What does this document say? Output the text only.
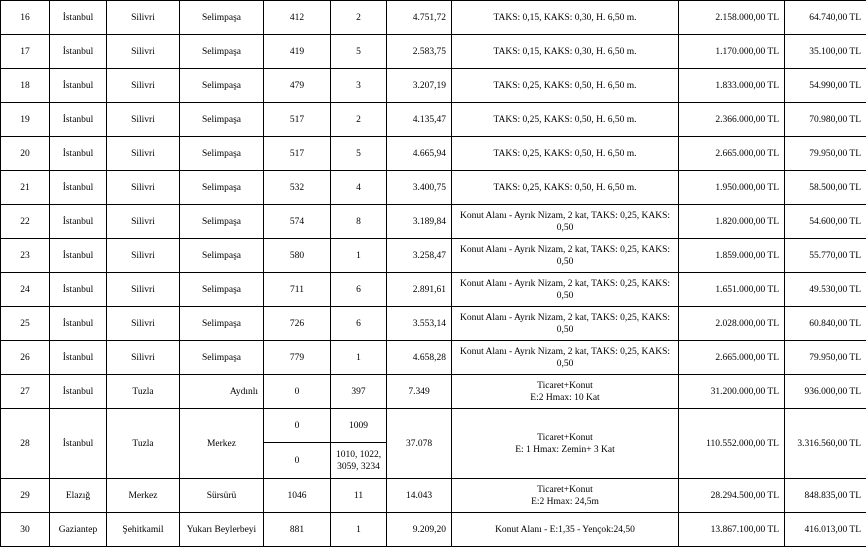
16	İstanbul	Silivri	Selimpaşa	412	2	4.751,72	TAKS: 0,15, KAKS: 0,30, H. 6,50 m.	2.158.000,00 TL	64.740,00 TL
17	İstanbul	Silivri	Selimpaşa	419	5	2.583,75	TAKS: 0,15, KAKS: 0,30, H. 6,50 m.	1.170.000,00 TL	35.100,00 TL
18	İstanbul	Silivri	Selimpaşa	479	3	3.207,19	TAKS: 0,25, KAKS: 0,50, H. 6,50 m.	1.833.000,00 TL	54.990,00 TL
19	İstanbul	Silivri	Selimpaşa	517	2	4.135,47	TAKS: 0,25, KAKS: 0,50, H. 6,50 m.	2.366.000,00 TL	70.980,00 TL
20	İstanbul	Silivri	Selimpaşa	517	5	4.665,94	TAKS: 0,25, KAKS: 0,50, H. 6,50 m.	2.665.000,00 TL	79.950,00 TL
21	İstanbul	Silivri	Selimpaşa	532	4	3.400,75	TAKS: 0,25, KAKS: 0,50, H. 6,50 m.	1.950.000,00 TL	58.500,00 TL
22	İstanbul	Silivri	Selimpaşa	574	8	3.189,84	Konut Alanı - Ayrık Nizam, 2 kat, TAKS: 0,25, KAKS:
0,50	1.820.000,00 TL	54.600,00 TL
23	İstanbul	Silivri	Selimpaşa	580	1	3.258,47	Konut Alanı - Ayrık Nizam, 2 kat, TAKS: 0,25, KAKS:
0,50	1.859.000,00 TL	55.770,00 TL
24	İstanbul	Silivri	Selimpaşa	711	6	2.891,61	Konut Alanı - Ayrık Nizam, 2 kat, TAKS: 0,25, KAKS:
0,50	1.651.000,00 TL	49.530,00 TL
25	İstanbul	Silivri	Selimpaşa	726	6	3.553,14	Konut Alanı - Ayrık Nizam, 2 kat, TAKS: 0,25, KAKS:
0,50	2.028.000,00 TL	60.840,00 TL
26	İstanbul	Silivri	Selimpaşa	779	1	4.658,28	Konut Alanı - Ayrık Nizam, 2 kat, TAKS: 0,25, KAKS:
0,50	2.665.000,00 TL	79.950,00 TL
27	İstanbul	Tuzla	Aydınlı	0	397	7.349	Ticaret+Konut
E:2 Hmax: 10 Kat	31.200.000,00 TL	936.000,00 TL
28	İstanbul	Tuzla	Merkez	0	1009	37.078	Ticaret+Konut
E: 1 Hmax: Zemin+ 3 Kat	110.552.000,00 TL	3.316.560,00 TL
				0	1010, 1022,
3059, 3234				
29	Elazığ	Merkez	Sürsürü	1046	11	14.043	Ticaret+Konut
E:2 Hmax: 24,5m	28.294.500,00 TL	848.835,00 TL
30	Gaziantep	Şehitkamil	Yukarı Beylerbeyi	881	1	9.209,20	Konut Alanı - E:1,35 - Yençok:24,50	13.867.100,00 TL	416.013,00 TL
